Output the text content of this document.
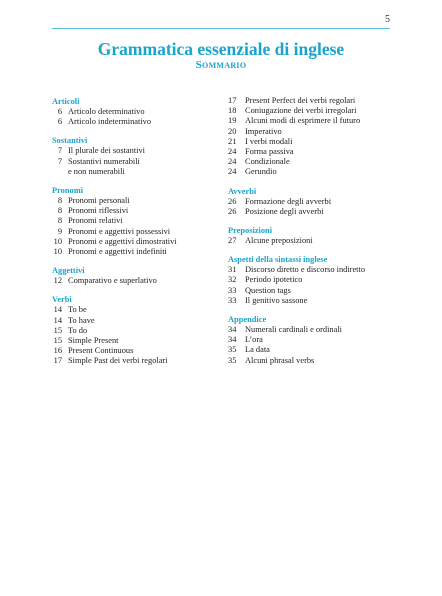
5
Grammatica essenziale di inglese
Sommario
Articoli
6 Articolo determinativo
6 Articolo indeterminativo
Sostantivi
7 Il plurale dei sostantivi
7 Sostantivi numerabili
e non numerabili
Pronomi
8 Pronomi personali
8 Pronomi riflessivi
8 Pronomi relativi
9 Pronomi e aggettivi possessivi
10 Pronomi e aggettivi dimostrativi
10 Pronomi e aggettivi indefiniti
Aggettivi
12 Comparativo e superlativo
Verbi
14 To be
14 To have
15 To do
15 Simple Present
16 Present Continuous
17 Simple Past dei verbi regolari
17	Present Perfect dei verbi regolari
18	Coniugazione dei verbi irregolari
19	Alcuni modi di esprimere il futuro
20	Imperativo
21	I verbi modali
24	Forma passiva
24	Condizionale
24	Gerundio
Avverbi
26	Formazione degli avverbi
26	Posizione degli avverbi
Preposizioni
27	Alcune preposizioni
Aspetti della sintassi inglese
31	Discorso diretto e discorso indiretto
32	Periodo ipotetico
33	Question tags
33	Il genitivo sassone
Appendice
34	Numerali cardinali e ordinali
34	L’ora
35	La data
35	Alcuni phrasal verbs
